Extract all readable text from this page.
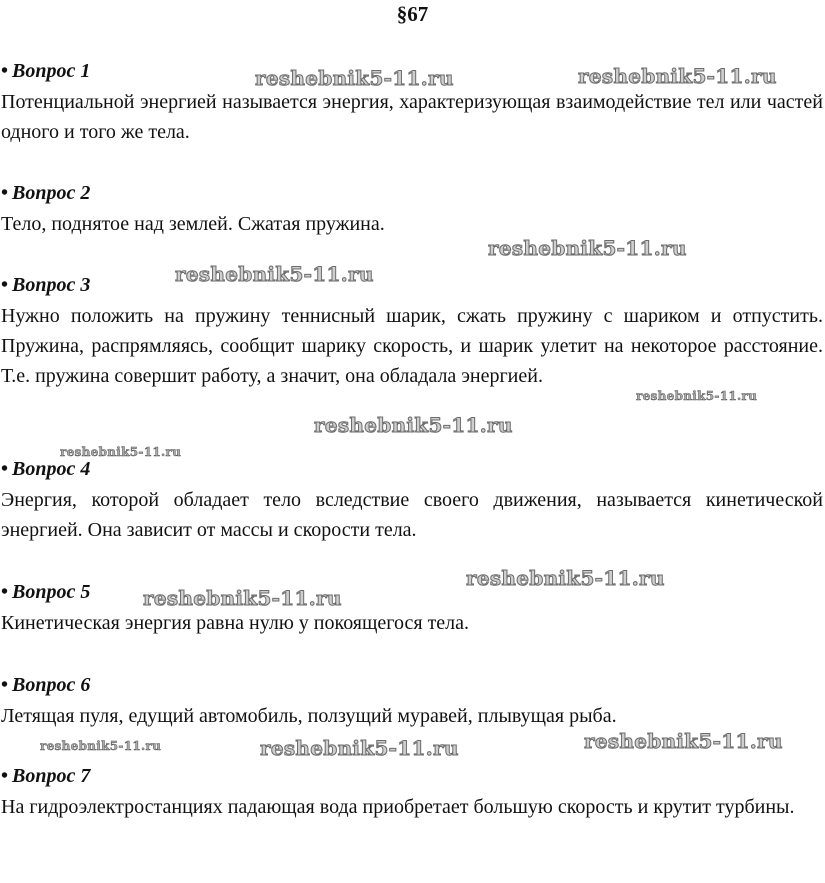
§67
• Вопрос 1
Потенциальной энергией называется энергия, характеризующая взаимодействие тел или частей одного и того же тела.
• Вопрос 2
Тело, поднятое над землей. Сжатая пружина.
• Вопрос 3
Нужно положить на пружину теннисный шарик, сжать пружину с шариком и отпустить. Пружина, распрямляясь, сообщит шарику скорость, и шарик улетит на некоторое расстояние. Т.е. пружина совершит работу, а значит, она обладала энергией.
• Вопрос 4
Энергия, которой обладает тело вследствие своего движения, называется кинетической энергией. Она зависит от массы и скорости тела.
• Вопрос 5
Кинетическая энергия равна нулю у покоящегося тела.
• Вопрос 6
Летящая пуля, едущий автомобиль, ползущий муравей, плывущая рыба.
• Вопрос 7
На гидроэлектростанциях падающая вода приобретает большую скорость и крутит турбины.
reshebnik5-11.ru	reshebnik5-11.ru
reshebnik5-11.ru
reshebnik5-11.ru
reshebnik5-11.ru
reshebnik5-11.ru
reshebnik5-11.ru
reshebnik5-11.ru
reshebnik5-11.ru
reshebnik5-11.ru	reshebnik5-11.ru	reshebnik5-11.ru
